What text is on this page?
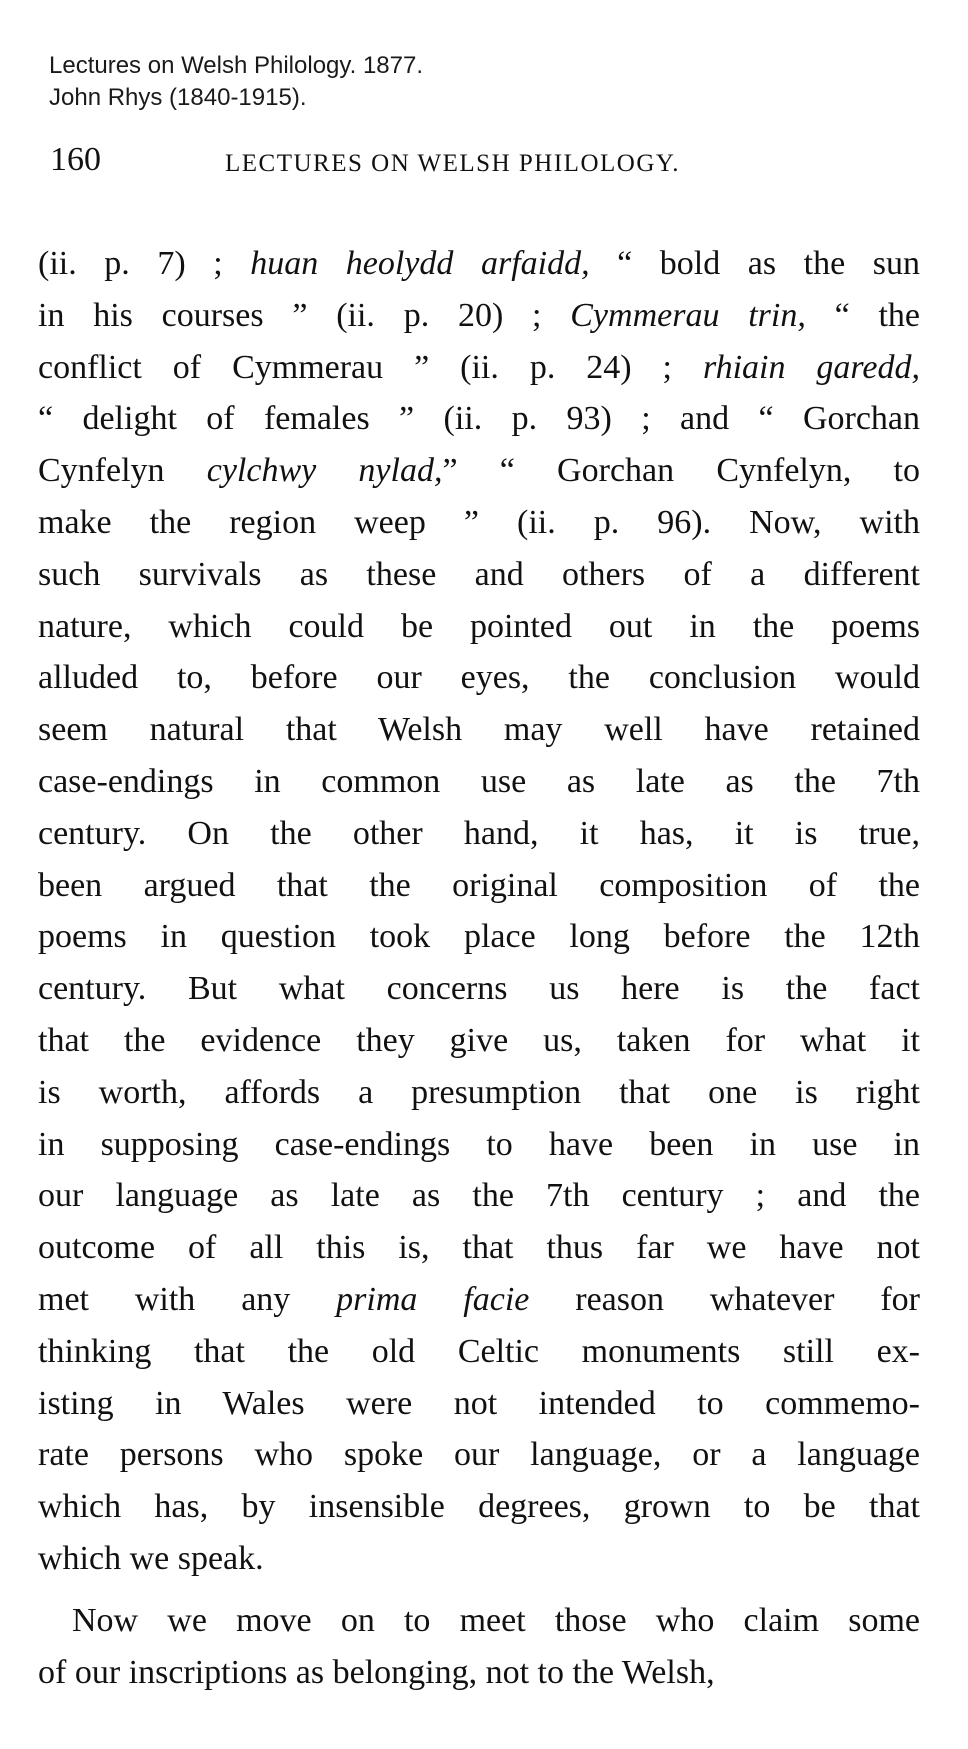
Lectures on Welsh Philology. 1877.
John Rhys (1840-1915).
160	LECTURES ON WELSH PHILOLOGY.
(ii. p. 7) ; huan heolydd arfaidd, “ bold as the sun
in his courses ” (ii. p. 20) ; Cymmerau trin, “ the
conflict of Cymmerau ” (ii. p. 24) ; rhiain garedd,
“ delight of females ” (ii. p. 93) ; and “ Gorchan
Cynfelyn cylchwy nylad,” “ Gorchan Cynfelyn, to
make the region weep ” (ii. p. 96). Now, with
such survivals as these and others of a different
nature, which could be pointed out in the poems
alluded to, before our eyes, the conclusion would
seem natural that Welsh may well have retained
case-endings in common use as late as the 7th
century. On the other hand, it has, it is true,
been argued that the original composition of the
poems in question took place long before the 12th
century. But what concerns us here is the fact
that the evidence they give us, taken for what it
is worth, affords a presumption that one is right
in supposing case-endings to have been in use in
our language as late as the 7th century ; and the
outcome of all this is, that thus far we have not
met with any prima facie reason whatever for
thinking that the old Celtic monuments still ex-
isting in Wales were not intended to commemo-
rate persons who spoke our language, or a language
which has, by insensible degrees, grown to be that
which we speak.
Now we move on to meet those who claim some
of our inscriptions as belonging, not to the Welsh,
